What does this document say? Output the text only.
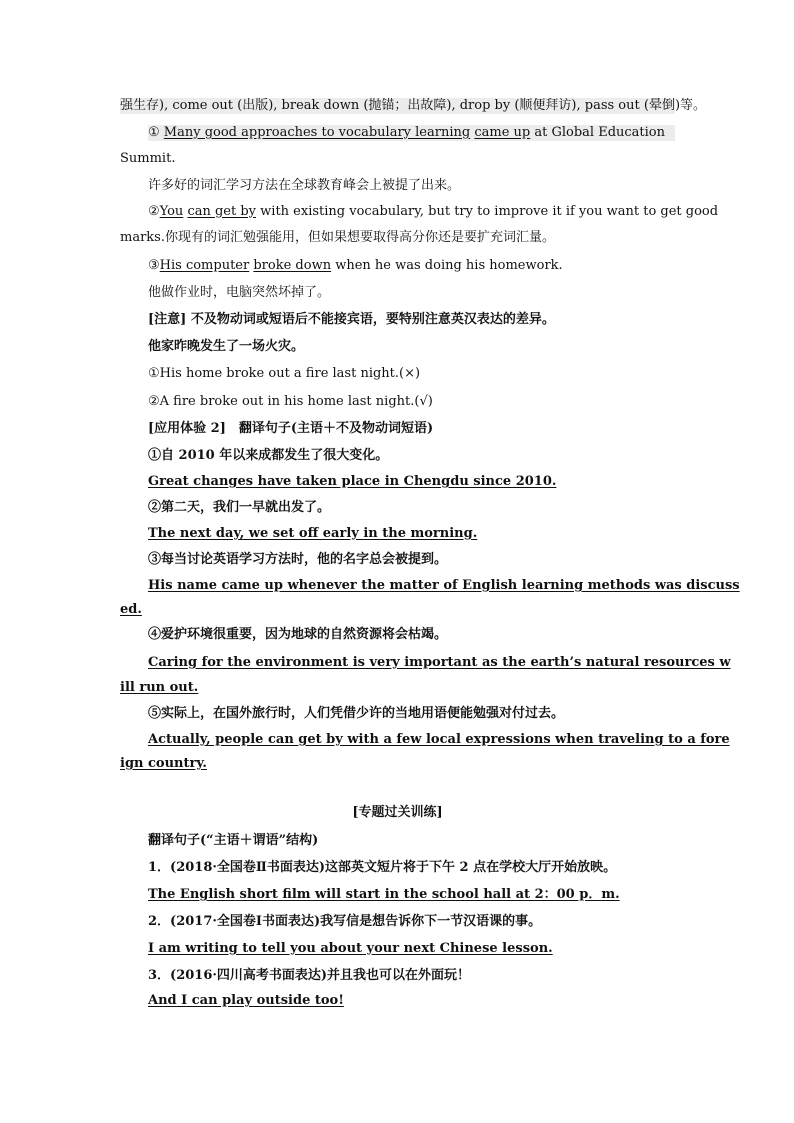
强生存), come out (出版), break down (抛锚；出故障), drop by (顺便拜访), pass out (晕倒)等。
① Many good approaches to vocabulary learning came up at Global Education
Summit.
许多好的词汇学习方法在全球教育峰会上被提了出来。
②You can get by with existing vocabulary, but try to improve it if you want to get good
marks.你现有的词汇勉强能用，但如果想要取得高分你还是要扩充词汇量。
③His computer broke down when he was doing his homework.
他做作业时，电脑突然坏掉了。
[注意] 不及物动词或短语后不能接宾语，要特别注意英汉表达的差异。
他家昨晚发生了一场火灾。
①His home broke out a fire last night.(×)
②A fire broke out in his home last night.(√)
[应用体验 2]　翻译句子(主语＋不及物动词短语)
①自 2010 年以来成都发生了很大变化。
Great changes have taken place in Chengdu since 2010.
②第二天，我们一早就出发了。
The next day, we set off early in the morning.
③每当讨论英语学习方法时，他的名字总会被提到。
His name came up whenever the matter of English learning methods was discuss
ed.
④爱护环境很重要，因为地球的自然资源将会枯竭。
Caring for the environment is very important as the earth’s natural resources w
ill run out.
⑤实际上，在国外旅行时，人们凭借少许的当地用语便能勉强对付过去。
Actually, people can get by with a few local expressions when traveling to a fore
ign country.
[专题过关训练]
翻译句子(“主语＋谓语”结构)
1．(2018·全国卷Ⅱ书面表达)这部英文短片将于下午 2 点在学校大厅开始放映。
The English short film will start in the school hall at 2：00 p．m.
2．(2017·全国卷Ⅰ书面表达)我写信是想告诉你下一节汉语课的事。
I am writing to tell you about your next Chinese lesson.
3．(2016·四川高考书面表达)并且我也可以在外面玩！
And I can play outside too!
